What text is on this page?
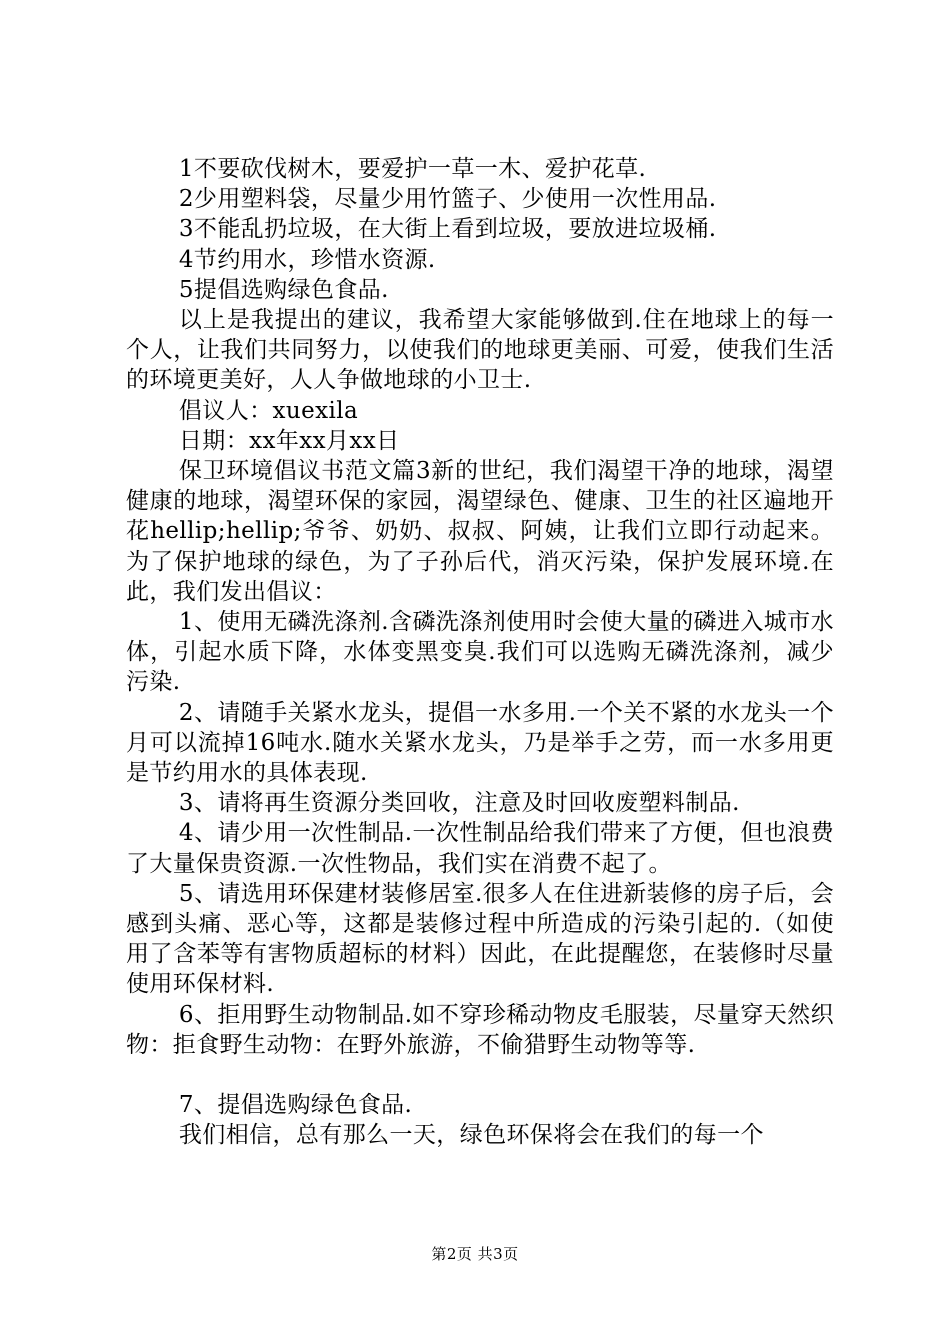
1不要砍伐树木，要爱护一草一木、爱护花草.

2少用塑料袋，尽量少用竹篮子、少使用一次性用品.

3不能乱扔垃圾，在大街上看到垃圾，要放进垃圾桶.

4节约用水，珍惜水资源.

5提倡选购绿色食品.

以上是我提出的建议，我希望大家能够做到.住在地球上的每一个人，让我们共同努力，以使我们的地球更美丽、可爱，使我们生活的环境更美好，人人争做地球的小卫士.

倡议人：xuexila

日期：xx年xx月xx日

保卫环境倡议书范文篇3新的世纪，我们渴望干净的地球，渴望健康的地球，渴望环保的家园，渴望绿色、健康、卫生的社区遍地开花hellip;hellip;爷爷、奶奶、叔叔、阿姨，让我们立即行动起来。为了保护地球的绿色，为了子孙后代，消灭污染，保护发展环境.在此，我们发出倡议：

1、使用无磷洗涤剂.含磷洗涤剂使用时会使大量的磷进入城市水体，引起水质下降，水体变黑变臭.我们可以选购无磷洗涤剂，减少污染.

2、请随手关紧水龙头，提倡一水多用.一个关不紧的水龙头一个月可以流掉16吨水.随水关紧水龙头，乃是举手之劳，而一水多用更是节约用水的具体表现.

3、请将再生资源分类回收，注意及时回收废塑料制品.

4、请少用一次性制品.一次性制品给我们带来了方便，但也浪费了大量保贵资源.一次性物品，我们实在消费不起了。

5、请选用环保建材装修居室.很多人在住进新装修的房子后，会感到头痛、恶心等，这都是装修过程中所造成的污染引起的.（如使用了含苯等有害物质超标的材料）因此，在此提醒您，在装修时尽量使用环保材料.

6、拒用野生动物制品.如不穿珍稀动物皮毛服装，尽量穿天然织物：拒食野生动物：在野外旅游，不偷猎野生动物等等.

7、提倡选购绿色食品.

我们相信，总有那么一天，绿色环保将会在我们的每一个

第2页 共3页
